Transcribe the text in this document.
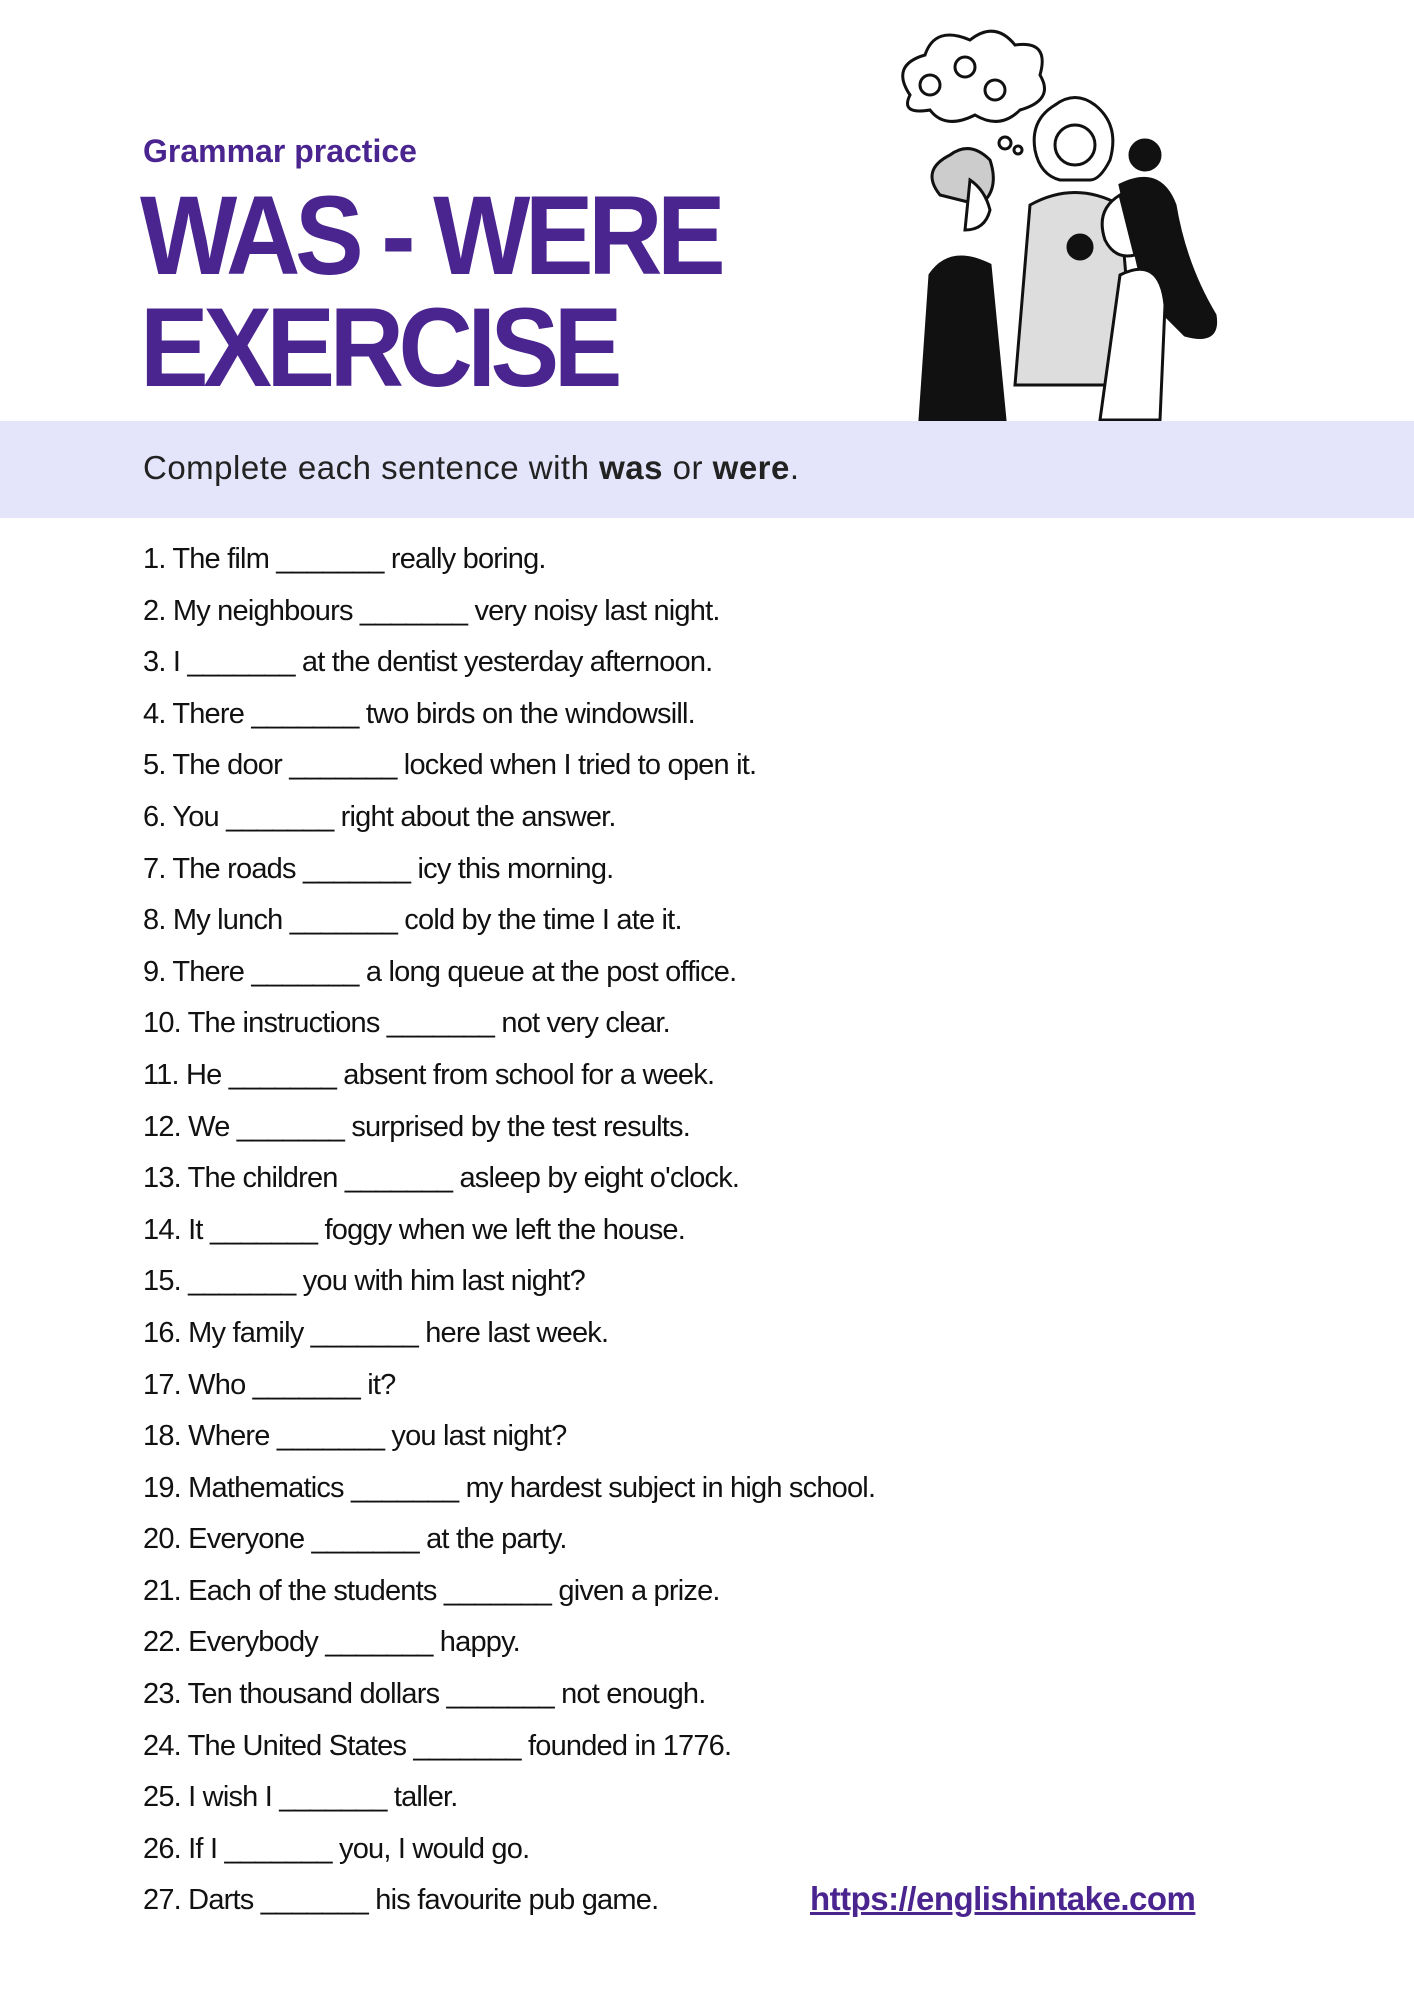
Grammar practice
WAS - WERE
EXERCISE
Complete each sentence with was or were.
1. The film _______ really boring.
2. My neighbours _______ very noisy last night.
3. I _______ at the dentist yesterday afternoon.
4. There _______ two birds on the windowsill.
5. The door _______ locked when I tried to open it.
6. You _______ right about the answer.
7. The roads _______ icy this morning.
8. My lunch _______ cold by the time I ate it.
9. There _______ a long queue at the post office.
10. The instructions _______ not very clear.
11. He _______ absent from school for a week.
12. We _______ surprised by the test results.
13. The children _______ asleep by eight o'clock.
14. It _______ foggy when we left the house.
15. _______ you with him last night?
16. My family _______ here last week.
17. Who _______ it?
18. Where _______ you last night?
19. Mathematics _______ my hardest subject in high school.
20. Everyone _______ at the party.
21. Each of the students _______ given a prize.
22. Everybody _______ happy.
23. Ten thousand dollars _______ not enough.
24. The United States _______ founded in 1776.
25. I wish I _______ taller.
26. If I _______ you, I would go.
27. Darts _______ his favourite pub game.	https://englishintake.com
